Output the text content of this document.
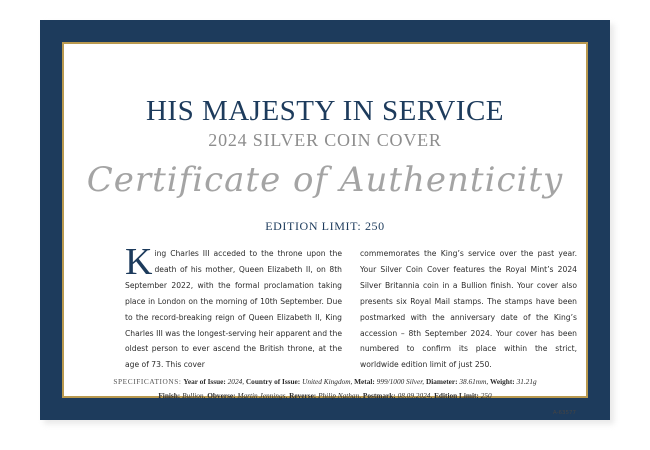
HIS MAJESTY IN SERVICE
2024 SILVER COIN COVER
Certificate of Authenticity
EDITION LIMIT: 250

King Charles III acceded to the throne upon the death of his mother, Queen Elizabeth II, on 8th September 2022, with the formal proclamation taking place in London on the morning of 10th September. Due to the record-breaking reign of Queen Elizabeth II, King Charles III was the longest-serving heir apparent and the oldest person to ever ascend the British throne, at the age of 73. This cover

commemorates the King’s service over the past year. Your Silver Coin Cover features the Royal Mint’s 2024 Silver Britannia coin in a Bullion finish. Your cover also presents six Royal Mail stamps. The stamps have been postmarked with the anniversary date of the King’s accession – 8th September 2024. Your cover has been numbered to confirm its place within the strict, worldwide edition limit of just 250.

SPECIFICATIONS: Year of Issue: 2024, Country of Issue: United Kingdom, Metal: 999/1000 Silver, Diameter: 38.61mm, Weight: 31.21g
Finish: Bullion, Obverse: Martin Jennings, Reverse: Philip Nathan, Postmark: 08.09.2024, Edition Limit: 250
A-63577
